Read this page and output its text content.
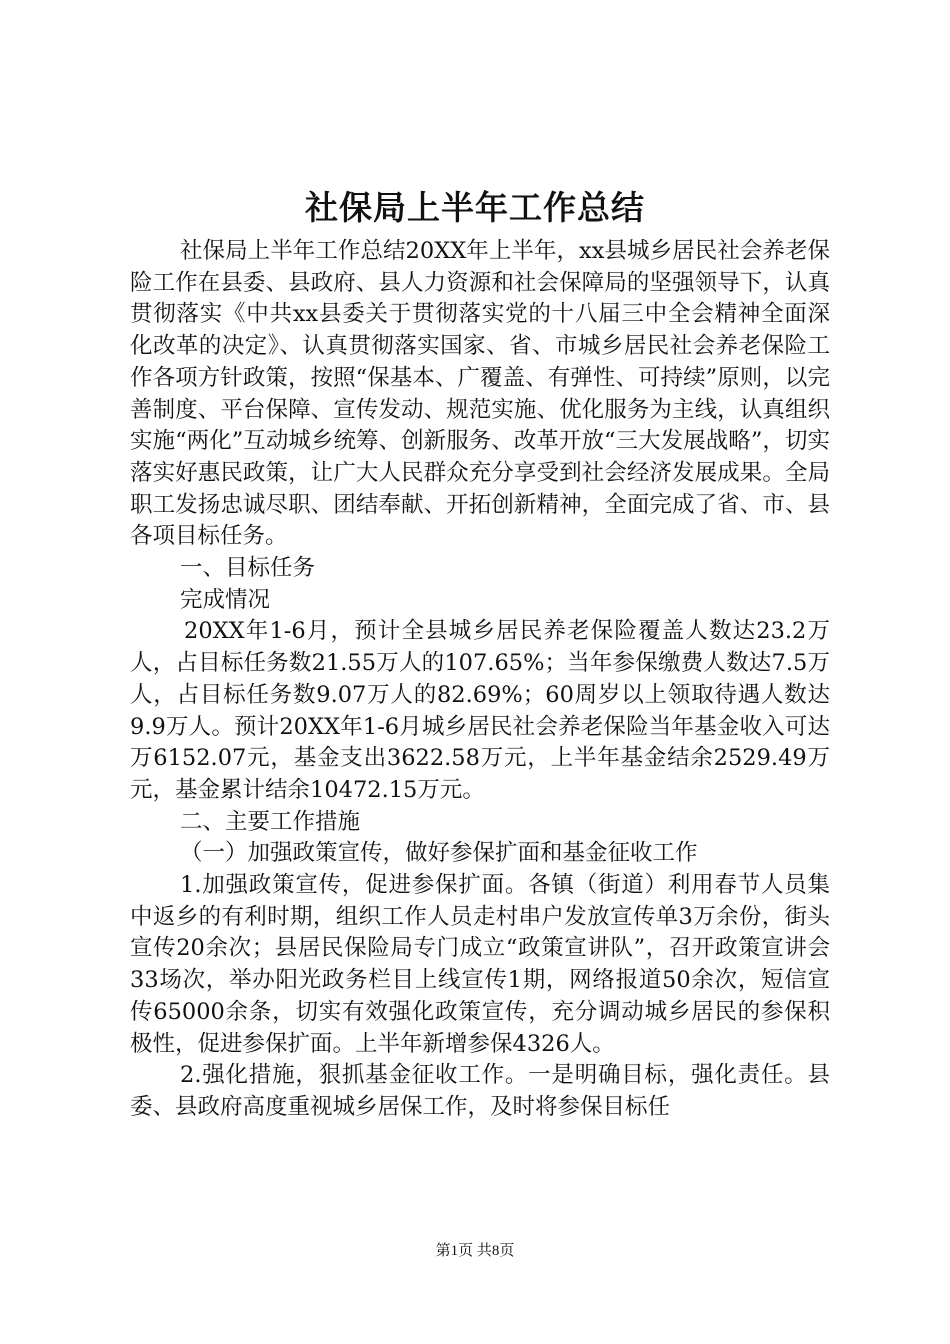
社保局上半年工作总结

社保局上半年工作总结20XX年上半年，xx县城乡居民社会养老保险工作在县委、县政府、县人力资源和社会保障局的坚强领导下，认真贯彻落实《中共xx县委关于贯彻落实党的十八届三中全会精神全面深化改革的决定》、认真贯彻落实国家、省、市城乡居民社会养老保险工作各项方针政策，按照“保基本、广覆盖、有弹性、可持续”原则，以完善制度、平台保障、宣传发动、规范实施、优化服务为主线，认真组织实施“两化”互动城乡统筹、创新服务、改革开放“三大发展战略”，切实落实好惠民政策，让广大人民群众充分享受到社会经济发展成果。全局职工发扬忠诚尽职、团结奉献、开拓创新精神，全面完成了省、市、县各项目标任务。

一、目标任务

完成情况

20XX年1-6月，预计全县城乡居民养老保险覆盖人数达23.2万人，占目标任务数21.55万人的107.65%；当年参保缴费人数达7.5万人，占目标任务数9.07万人的82.69%；60周岁以上领取待遇人数达9.9万人。预计20XX年1-6月城乡居民社会养老保险当年基金收入可达万6152.07元，基金支出3622.58万元，上半年基金结余2529.49万元，基金累计结余10472.15万元。

二、主要工作措施

（一）加强政策宣传，做好参保扩面和基金征收工作

1.加强政策宣传，促进参保扩面。各镇（街道）利用春节人员集中返乡的有利时期，组织工作人员走村串户发放宣传单3万余份，街头宣传20余次；县居民保险局专门成立“政策宣讲队”，召开政策宣讲会33场次，举办阳光政务栏目上线宣传1期，网络报道50余次，短信宣传65000余条，切实有效强化政策宣传，充分调动城乡居民的参保积极性，促进参保扩面。上半年新增参保4326人。

2.强化措施，狠抓基金征收工作。一是明确目标，强化责任。县委、县政府高度重视城乡居保工作，及时将参保目标任

第1页 共8页
